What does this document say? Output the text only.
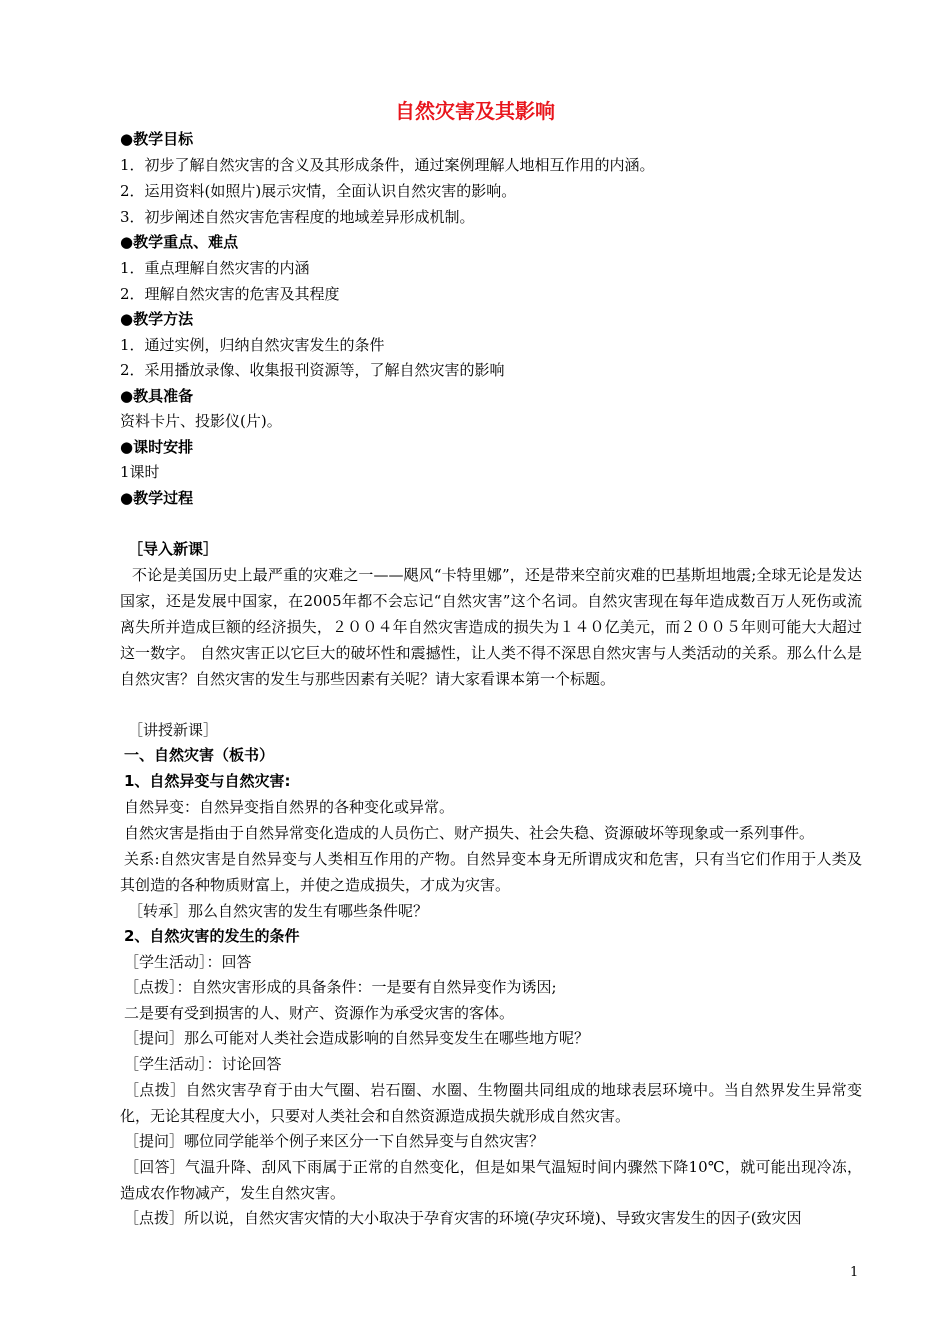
自然灾害及其影响
●教学目标
1．初步了解自然灾害的含义及其形成条件，通过案例理解人地相互作用的内涵。
2．运用资料(如照片)展示灾情，全面认识自然灾害的影响。
3．初步阐述自然灾害危害程度的地域差异形成机制。
●教学重点、难点
1．重点理解自然灾害的内涵
2．理解自然灾害的危害及其程度
●教学方法
1．通过实例，归纳自然灾害发生的条件
2．采用播放录像、收集报刊资源等，了解自然灾害的影响
●教具准备
资料卡片、投影仪(片)。
●课时安排
1课时
●教学过程
［导入新课］
不论是美国历史上最严重的灾难之一——飓风“卡特里娜”，还是带来空前灾难的巴基斯坦地震;全球无论是发达国家，还是发展中国家，在2005年都不会忘记“自然灾害”这个名词。自然灾害现在每年造成数百万人死伤或流离失所并造成巨额的经济损失，２００４年自然灾害造成的损失为１４０亿美元，而２００５年则可能大大超过这一数字。 自然灾害正以它巨大的破坏性和震撼性，让人类不得不深思自然灾害与人类活动的关系。那么什么是自然灾害？自然灾害的发生与那些因素有关呢？请大家看课本第一个标题。
［讲授新课］
一、自然灾害（板书）
1、自然异变与自然灾害:
自然异变：自然异变指自然界的各种变化或异常。
自然灾害是指由于自然异常变化造成的人员伤亡、财产损失、社会失稳、资源破坏等现象或一系列事件。
关系:自然灾害是自然异变与人类相互作用的产物。自然异变本身无所谓成灾和危害，只有当它们作用于人类及其创造的各种物质财富上，并使之造成损失，才成为灾害。
［转承］那么自然灾害的发生有哪些条件呢？
2、自然灾害的发生的条件
［学生活动］：回答
［点拨］：自然灾害形成的具备条件：一是要有自然异变作为诱因;
二是要有受到损害的人、财产、资源作为承受灾害的客体。
［提问］那么可能对人类社会造成影响的自然异变发生在哪些地方呢？
［学生活动］：讨论回答
［点拨］自然灾害孕育于由大气圈、岩石圈、水圈、生物圈共同组成的地球表层环境中。当自然界发生异常变化，无论其程度大小，只要对人类社会和自然资源造成损失就形成自然灾害。
［提问］哪位同学能举个例子来区分一下自然异变与自然灾害？
［回答］气温升降、刮风下雨属于正常的自然变化，但是如果气温短时间内骤然下降10℃，就可能出现冷冻，造成农作物减产，发生自然灾害。
［点拨］所以说，自然灾害灾情的大小取决于孕育灾害的环境(孕灾环境)、导致灾害发生的因子(致灾因
1
